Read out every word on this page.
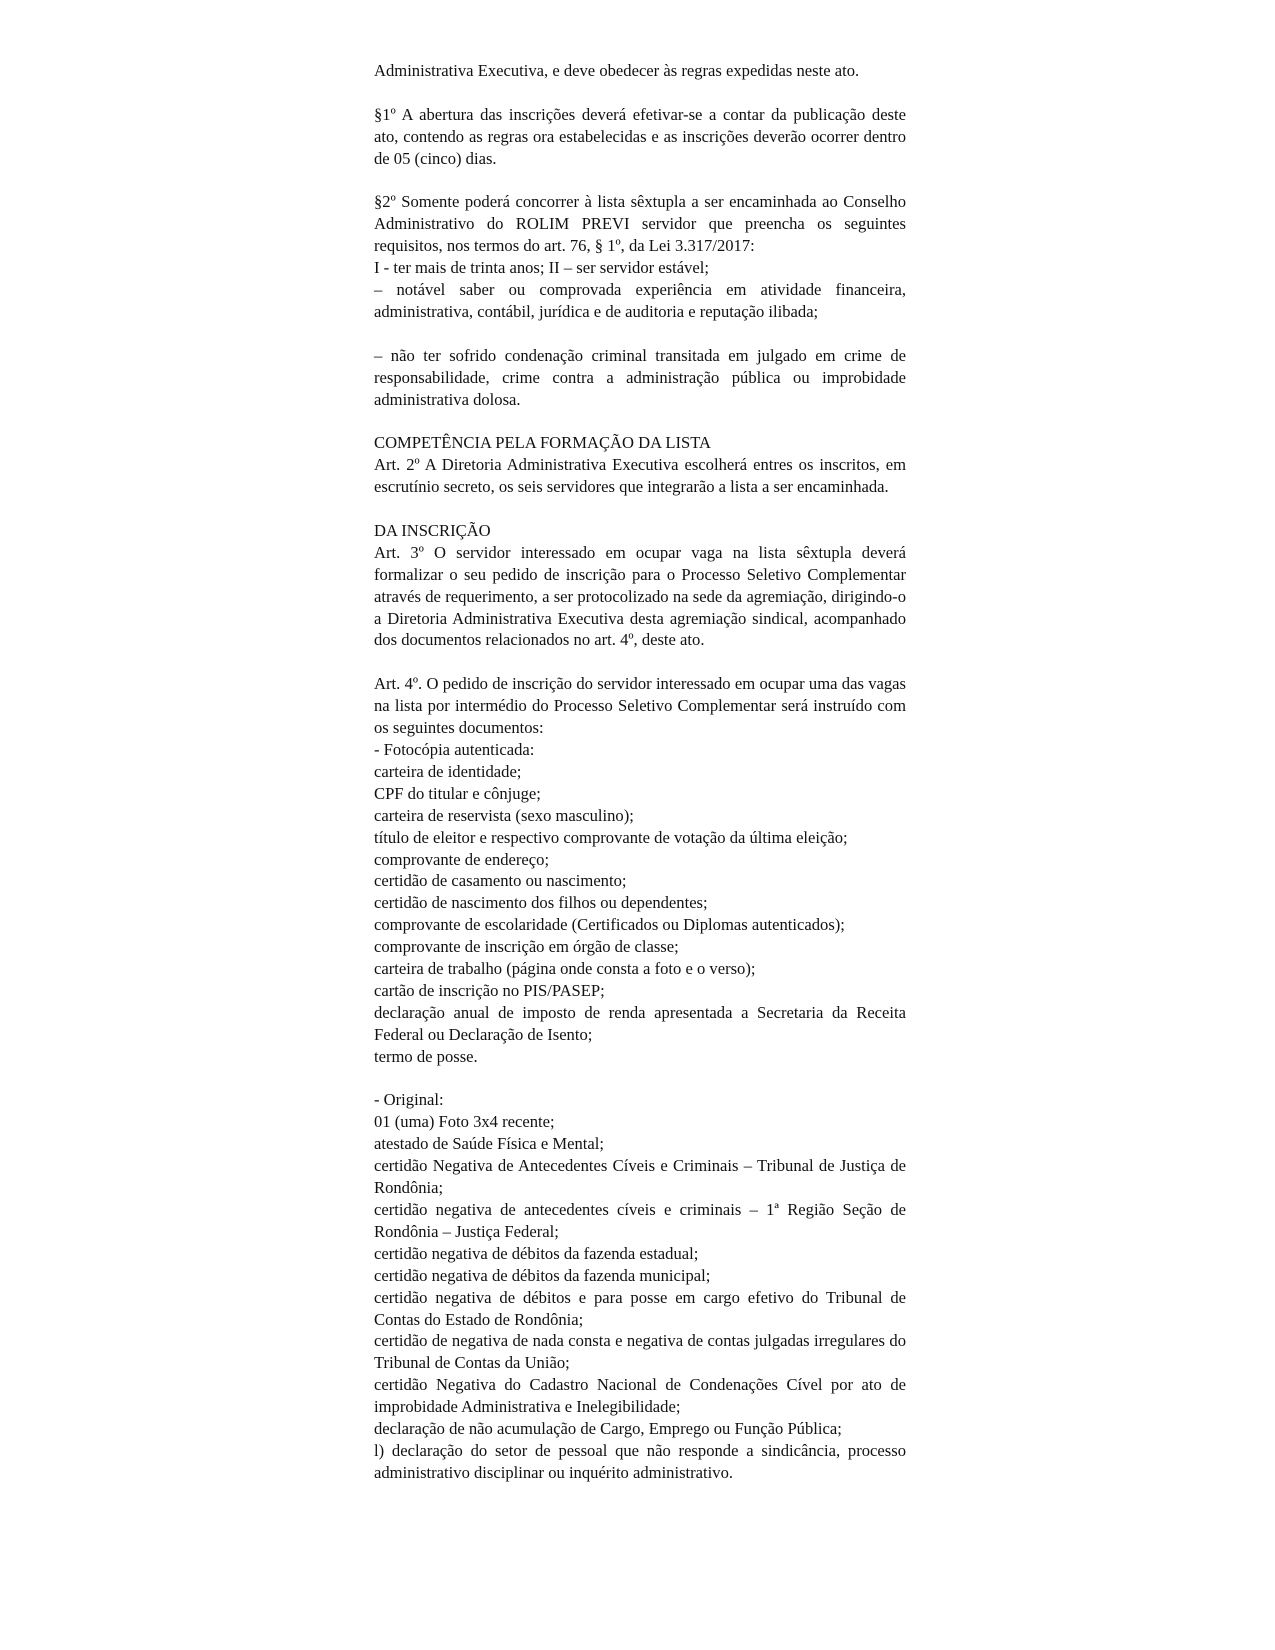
Administrativa Executiva, e deve obedecer às regras expedidas neste ato.

§1º A abertura das inscrições deverá efetivar-se a contar da publicação deste ato, contendo as regras ora estabelecidas e as inscrições deverão ocorrer dentro de 05 (cinco) dias.

§2º Somente poderá concorrer à lista sêxtupla a ser encaminhada ao Conselho Administrativo do ROLIM PREVI servidor que preencha os seguintes requisitos, nos termos do art. 76, § 1º, da Lei 3.317/2017:

I - ter mais de trinta anos; II – ser servidor estável;

– notável saber ou comprovada experiência em atividade financeira, administrativa, contábil, jurídica e de auditoria e reputação ilibada;

– não ter sofrido condenação criminal transitada em julgado em crime de responsabilidade, crime contra a administração pública ou improbidade administrativa dolosa.

COMPETÊNCIA PELA FORMAÇÃO DA LISTA

Art. 2º A Diretoria Administrativa Executiva escolherá entres os inscritos, em escrutínio secreto, os seis servidores que integrarão a lista a ser encaminhada.

DA INSCRIÇÃO

Art. 3º O servidor interessado em ocupar vaga na lista sêxtupla deverá formalizar o seu pedido de inscrição para o Processo Seletivo Complementar através de requerimento, a ser protocolizado na sede da agremiação, dirigindo-o a Diretoria Administrativa Executiva desta agremiação sindical, acompanhado dos documentos relacionados no art. 4º, deste ato.

Art. 4º. O pedido de inscrição do servidor interessado em ocupar uma das vagas na lista por intermédio do Processo Seletivo Complementar será instruído com os seguintes documentos:

- Fotocópia autenticada:

carteira de identidade;

CPF do titular e cônjuge;

carteira de reservista (sexo masculino);

título de eleitor e respectivo comprovante de votação da última eleição;

comprovante de endereço;

certidão de casamento ou nascimento;

certidão de nascimento dos filhos ou dependentes;

comprovante de escolaridade (Certificados ou Diplomas autenticados);

comprovante de inscrição em órgão de classe;

carteira de trabalho (página onde consta a foto e o verso);

cartão de inscrição no PIS/PASEP;

declaração anual de imposto de renda apresentada a Secretaria da Receita Federal ou Declaração de Isento;

termo de posse.

- Original:

01 (uma) Foto 3x4 recente;

atestado de Saúde Física e Mental;

certidão Negativa de Antecedentes Cíveis e Criminais – Tribunal de Justiça de Rondônia;

certidão negativa de antecedentes cíveis e criminais – 1ª Região Seção de Rondônia – Justiça Federal;

certidão negativa de débitos da fazenda estadual;

certidão negativa de débitos da fazenda municipal;

certidão negativa de débitos e para posse em cargo efetivo do Tribunal de Contas do Estado de Rondônia;

certidão de negativa de nada consta e negativa de contas julgadas irregulares do Tribunal de Contas da União;

certidão Negativa do Cadastro Nacional de Condenações Cível por ato de improbidade Administrativa e Inelegibilidade;

declaração de não acumulação de Cargo, Emprego ou Função Pública;

l) declaração do setor de pessoal que não responde a sindicância, processo administrativo disciplinar ou inquérito administrativo.
